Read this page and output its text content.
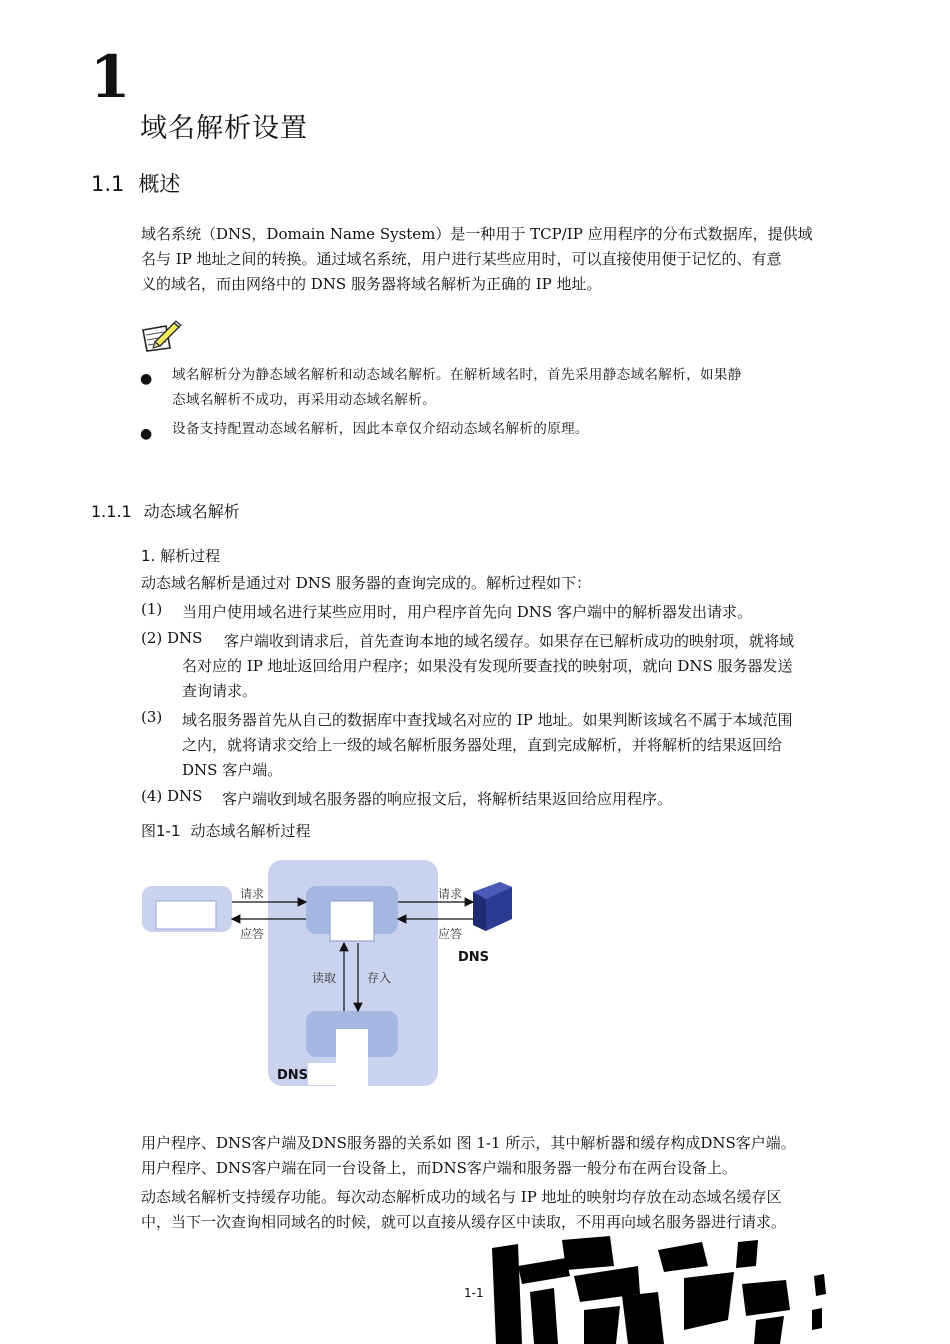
1
域名解析设置
1.1 概述
域名系统（DNS，Domain Name System）是一种用于 TCP/IP 应用程序的分布式数据库，提供域
名与 IP 地址之间的转换。通过域名系统，用户进行某些应用时，可以直接使用便于记忆的、有意
义的域名，而由网络中的 DNS 服务器将域名解析为正确的 IP 地址。
● 域名解析分为静态域名解析和动态域名解析。在解析域名时，首先采用静态域名解析，如果静
态域名解析不成功，再采用动态域名解析。
● 设备支持配置动态域名解析，因此本章仅介绍动态域名解析的原理。
1.1.1 动态域名解析
1. 解析过程
动态域名解析是通过对 DNS 服务器的查询完成的。解析过程如下：
(1) 当用户使用域名进行某些应用时，用户程序首先向 DNS 客户端中的解析器发出请求。
(2) DNS 客户端收到请求后，首先查询本地的域名缓存。如果存在已解析成功的映射项，就将域
名对应的 IP 地址返回给用户程序；如果没有发现所要查找的映射项，就向 DNS 服务器发送
查询请求。
(3) 域名服务器首先从自己的数据库中查找域名对应的 IP 地址。如果判断该域名不属于本域范围
之内，就将请求交给上一级的域名解析服务器处理，直到完成解析，并将解析的结果返回给
DNS 客户端。
(4) DNS 客户端收到域名服务器的响应报文后，将解析结果返回给应用程序。
图1-1 动态域名解析过程
请求
应答
请求
应答
读取	存入
DNS
DNS
用户程序、DNS客户端及DNS服务器的关系如 图 1-1 所示，其中解析器和缓存构成DNS客户端。
用户程序、DNS客户端在同一台设备上，而DNS客户端和服务器一般分布在两台设备上。
动态域名解析支持缓存功能。每次动态解析成功的域名与 IP 地址的映射均存放在动态域名缓存区
中，当下一次查询相同域名的时候，就可以直接从缓存区中读取，不用再向域名服务器进行请求。
1-1
